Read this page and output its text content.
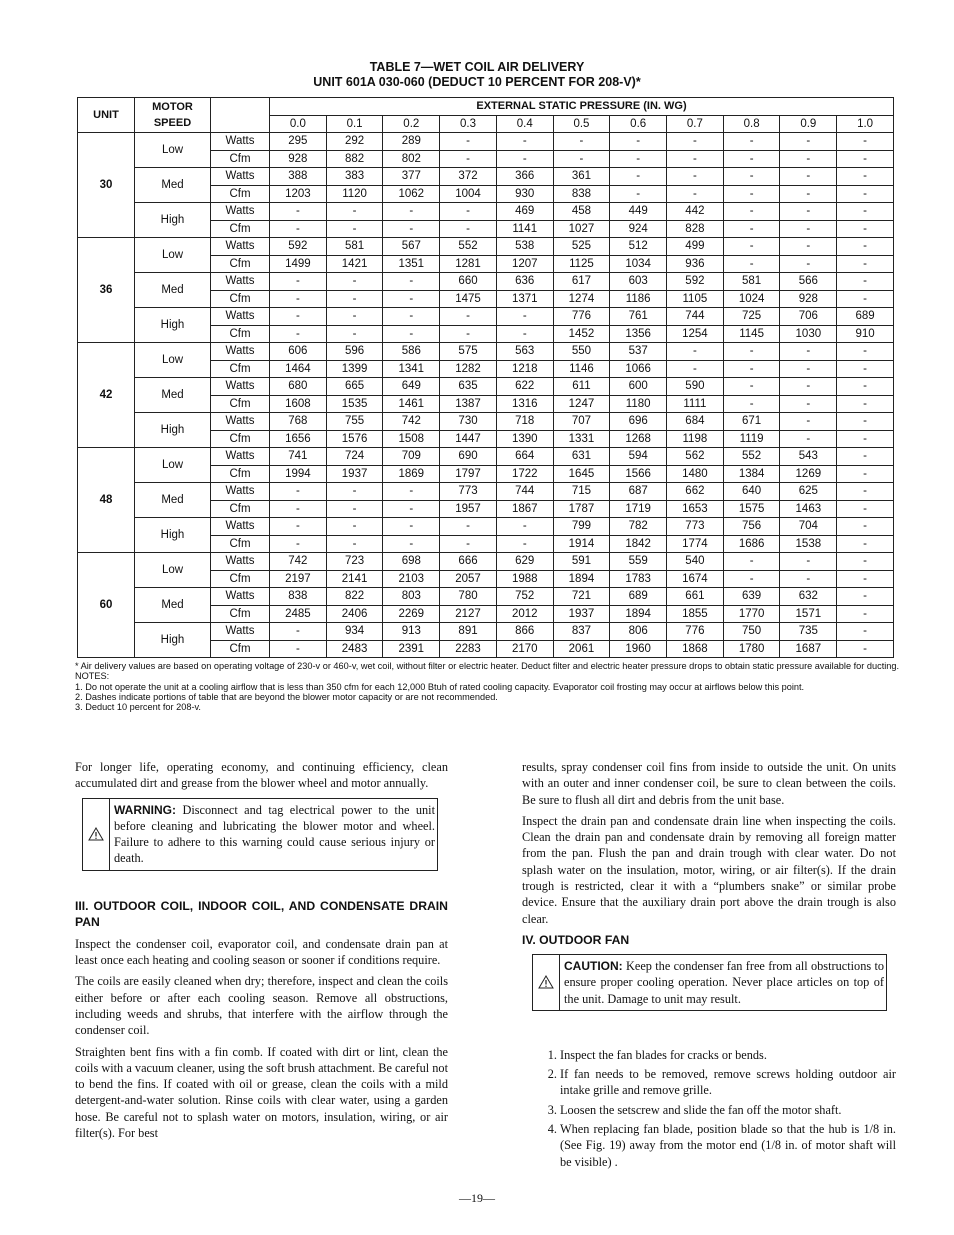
TABLE 7—WET COIL AIR DELIVERY
UNIT 601A 030-060 (DEDUCT 10 PERCENT FOR 208-V)*
UNIT	MOTOR
SPEED		EXTERNAL STATIC PRESSURE (IN. WG)										
			0.0	0.1	0.2	0.3	0.4	0.5	0.6	0.7	0.8	0.9	1.0
30	Low	Watts	295	292	289	-	-	-	-	-	-	-	-
		Cfm	928	882	802	-	-	-	-	-	-	-	-
	Med	Watts	388	383	377	372	366	361	-	-	-	-	-
		Cfm	1203	1120	1062	1004	930	838	-	-	-	-	-
	High	Watts	-	-	-	-	469	458	449	442	-	-	-
		Cfm	-	-	-	-	1141	1027	924	828	-	-	-
36	Low	Watts	592	581	567	552	538	525	512	499	-	-	-
		Cfm	1499	1421	1351	1281	1207	1125	1034	936	-	-	-
	Med	Watts	-	-	-	660	636	617	603	592	581	566	-
		Cfm	-	-	-	1475	1371	1274	1186	1105	1024	928	-
	High	Watts	-	-	-	-	-	776	761	744	725	706	689
		Cfm	-	-	-	-	-	1452	1356	1254	1145	1030	910
42	Low	Watts	606	596	586	575	563	550	537	-	-	-	-
		Cfm	1464	1399	1341	1282	1218	1146	1066	-	-	-	-
	Med	Watts	680	665	649	635	622	611	600	590	-	-	-
		Cfm	1608	1535	1461	1387	1316	1247	1180	1111	-	-	-
	High	Watts	768	755	742	730	718	707	696	684	671	-	-
		Cfm	1656	1576	1508	1447	1390	1331	1268	1198	1119	-	-
48	Low	Watts	741	724	709	690	664	631	594	562	552	543	-
		Cfm	1994	1937	1869	1797	1722	1645	1566	1480	1384	1269	-
	Med	Watts	-	-	-	773	744	715	687	662	640	625	-
		Cfm	-	-	-	1957	1867	1787	1719	1653	1575	1463	-
	High	Watts	-	-	-	-	-	799	782	773	756	704	-
		Cfm	-	-	-	-	-	1914	1842	1774	1686	1538	-
60	Low	Watts	742	723	698	666	629	591	559	540	-	-	-
		Cfm	2197	2141	2103	2057	1988	1894	1783	1674	-	-	-
	Med	Watts	838	822	803	780	752	721	689	661	639	632	-
		Cfm	2485	2406	2269	2127	2012	1937	1894	1855	1770	1571	-
	High	Watts	-	934	913	891	866	837	806	776	750	735	-
		Cfm	-	2483	2391	2283	2170	2061	1960	1868	1780	1687	-

* Air delivery values are based on operating voltage of 230-v or 460-v, wet coil, without filter or electric heater. Deduct filter and electric heater pressure drops to obtain static pressure available for ducting.

NOTES:

1. Do not operate the unit at a cooling airflow that is less than 350 cfm for each 12,000 Btuh of rated cooling capacity. Evaporator coil frosting may occur at airflows below this point.

2. Dashes indicate portions of table that are beyond the blower motor capacity or are not recommended.

3. Deduct 10 percent for 208-v.

For longer life, operating economy, and continuing efficiency, clean accumulated dirt and grease from the blower wheel and motor annually.

WARNING: Disconnect and tag electrical power to the unit before cleaning and lubricating the blower motor and wheel. Failure to adhere to this warning could cause serious injury or death.
III. OUTDOOR COIL, INDOOR COIL, AND CONDENSATE DRAIN PAN

Inspect the condenser coil, evaporator coil, and condensate drain pan at least once each heating and cooling season or sooner if conditions require.

The coils are easily cleaned when dry; therefore, inspect and clean the coils either before or after each cooling season. Remove all obstructions, including weeds and shrubs, that interfere with the airflow through the condenser coil.

Straighten bent fins with a fin comb. If coated with dirt or lint, clean the coils with a vacuum cleaner, using the soft brush attachment. Be careful not to bend the fins. If coated with oil or grease, clean the coils with a mild detergent-and-water solution. Rinse coils with clear water, using a garden hose. Be careful not to splash water on motors, insulation, wiring, or air filter(s). For best

results, spray condenser coil fins from inside to outside the unit. On units with an outer and inner condenser coil, be sure to clean between the coils. Be sure to flush all dirt and debris from the unit base.

Inspect the drain pan and condensate drain line when inspecting the coils. Clean the drain pan and condensate drain by removing all foreign matter from the pan. Flush the pan and drain trough with clear water. Do not splash water on the insulation, motor, wiring, or air filter(s). If the drain trough is restricted, clear it with a “plumbers snake” or similar probe device. Ensure that the auxiliary drain port above the drain trough is also clear.

IV. OUTDOOR FAN
CAUTION: Keep the condenser fan free from all obstructions to ensure proper cooling operation. Never place articles on top of the unit. Damage to unit may result.
1. Inspect the fan blades for cracks or bends.
2. If fan needs to be removed, remove screws holding outdoor air intake grille and remove grille.
3. Loosen the setscrew and slide the fan off the motor shaft.
4. When replacing fan blade, position blade so that the hub is 1/8 in. (See Fig. 19) away from the motor end (1/8 in. of motor shaft will be visible) .
—19—
